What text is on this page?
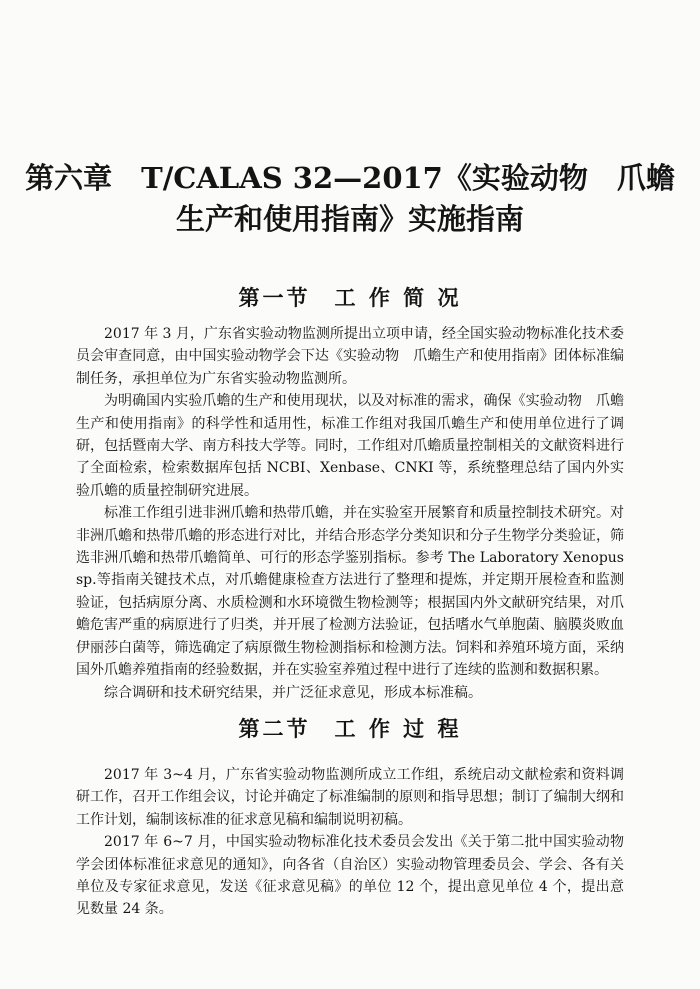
第六章　T/CALAS 32—2017《实验动物　爪蟾
生产和使用指南》实施指南
第一节　工 作 简 况

2017 年 3 月，广东省实验动物监测所提出立项申请，经全国实验动物标准化技术委员会审查同意，由中国实验动物学会下达《实验动物　爪蟾生产和使用指南》团体标准编制任务，承担单位为广东省实验动物监测所。

为明确国内实验爪蟾的生产和使用现状，以及对标准的需求，确保《实验动物　爪蟾生产和使用指南》的科学性和适用性，标准工作组对我国爪蟾生产和使用单位进行了调研，包括暨南大学、南方科技大学等。同时，工作组对爪蟾质量控制相关的文献资料进行了全面检索，检索数据库包括 NCBI、Xenbase、CNKI 等，系统整理总结了国内外实验爪蟾的质量控制研究进展。

标准工作组引进非洲爪蟾和热带爪蟾，并在实验室开展繁育和质量控制技术研究。对非洲爪蟾和热带爪蟾的形态进行对比，并结合形态学分类知识和分子生物学分类验证，筛选非洲爪蟾和热带爪蟾简单、可行的形态学鉴别指标。参考 The Laboratory Xenopus sp.等指南关键技术点，对爪蟾健康检查方法进行了整理和提炼，并定期开展检查和监测验证，包括病原分离、水质检测和水环境微生物检测等；根据国内外文献研究结果，对爪蟾危害严重的病原进行了归类，并开展了检测方法验证，包括嗜水气单胞菌、脑膜炎败血伊丽莎白菌等，筛选确定了病原微生物检测指标和检测方法。饲料和养殖环境方面，采纳国外爪蟾养殖指南的经验数据，并在实验室养殖过程中进行了连续的监测和数据积累。

综合调研和技术研究结果，并广泛征求意见，形成本标准稿。

第二节　工 作 过 程

2017 年 3~4 月，广东省实验动物监测所成立工作组，系统启动文献检索和资料调研工作，召开工作组会议，讨论并确定了标准编制的原则和指导思想；制订了编制大纲和工作计划，编制该标准的征求意见稿和编制说明初稿。

2017 年 6~7 月，中国实验动物标准化技术委员会发出《关于第二批中国实验动物学会团体标准征求意见的通知》，向各省（自治区）实验动物管理委员会、学会、各有关单位及专家征求意见，发送《征求意见稿》的单位 12 个，提出意见单位 4 个，提出意见数量 24 条。
